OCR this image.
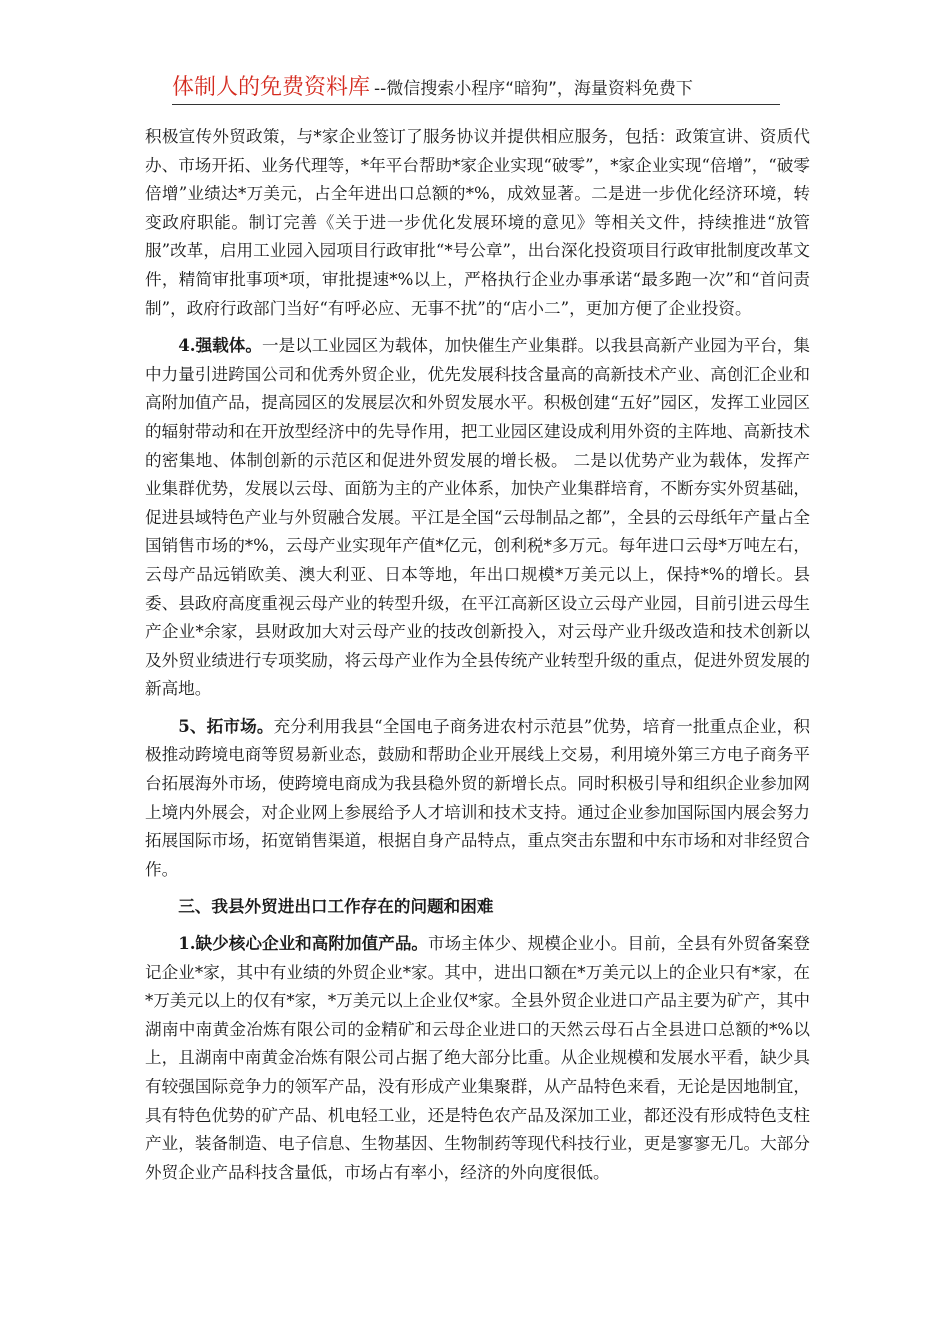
体制人的免费资料库 --微信搜索小程序“暗狗”，海量资料免费下

积极宣传外贸政策，与*家企业签订了服务协议并提供相应服务，包括：政策宣讲、资质代办、市场开拓、业务代理等，*年平台帮助*家企业实现“破零”，*家企业实现“倍增”，“破零倍增”业绩达*万美元，占全年进出口总额的*%，成效显著。二是进一步优化经济环境，转变政府职能。制订完善《关于进一步优化发展环境的意见》等相关文件，持续推进“放管服”改革，启用工业园入园项目行政审批“*号公章”，出台深化投资项目行政审批制度改革文件，精简审批事项*项，审批提速*%以上，严格执行企业办事承诺“最多跑一次”和“首问责制”，政府行政部门当好“有呼必应、无事不扰”的“店小二”，更加方便了企业投资。

4.强载体。一是以工业园区为载体，加快催生产业集群。以我县高新产业园为平台，集中力量引进跨国公司和优秀外贸企业，优先发展科技含量高的高新技术产业、高创汇企业和高附加值产品，提高园区的发展层次和外贸发展水平。积极创建“五好”园区，发挥工业园区的辐射带动和在开放型经济中的先导作用，把工业园区建设成利用外资的主阵地、高新技术的密集地、体制创新的示范区和促进外贸发展的增长极。 二是以优势产业为载体，发挥产业集群优势，发展以云母、面筋为主的产业体系，加快产业集群培育，不断夯实外贸基础，促进县域特色产业与外贸融合发展。平江是全国“云母制品之都”，全县的云母纸年产量占全国销售市场的*%，云母产业实现年产值*亿元，创利税*多万元。每年进口云母*万吨左右，云母产品远销欧美、澳大利亚、日本等地，年出口规模*万美元以上，保持*%的增长。县委、县政府高度重视云母产业的转型升级，在平江高新区设立云母产业园，目前引进云母生产企业*余家，县财政加大对云母产业的技改创新投入，对云母产业升级改造和技术创新以及外贸业绩进行专项奖励，将云母产业作为全县传统产业转型升级的重点，促进外贸发展的新高地。

5、拓市场。充分利用我县“全国电子商务进农村示范县”优势，培育一批重点企业，积极推动跨境电商等贸易新业态，鼓励和帮助企业开展线上交易，利用境外第三方电子商务平台拓展海外市场，使跨境电商成为我县稳外贸的新增长点。同时积极引导和组织企业参加网上境内外展会，对企业网上参展给予人才培训和技术支持。通过企业参加国际国内展会努力拓展国际市场，拓宽销售渠道，根据自身产品特点，重点突击东盟和中东市场和对非经贸合作。

三、我县外贸进出口工作存在的问题和困难

1.缺少核心企业和高附加值产品。市场主体少、规模企业小。目前，全县有外贸备案登记企业*家，其中有业绩的外贸企业*家。其中，进出口额在*万美元以上的企业只有*家，在*万美元以上的仅有*家，*万美元以上企业仅*家。全县外贸企业进口产品主要为矿产，其中湖南中南黄金冶炼有限公司的金精矿和云母企业进口的天然云母石占全县进口总额的*%以上，且湖南中南黄金冶炼有限公司占据了绝大部分比重。从企业规模和发展水平看，缺少具有较强国际竞争力的领军产品，没有形成产业集聚群，从产品特色来看，无论是因地制宜，具有特色优势的矿产品、机电轻工业，还是特色农产品及深加工业，都还没有形成特色支柱产业，装备制造、电子信息、生物基因、生物制药等现代科技行业，更是寥寥无几。大部分外贸企业产品科技含量低，市场占有率小，经济的外向度很低。
